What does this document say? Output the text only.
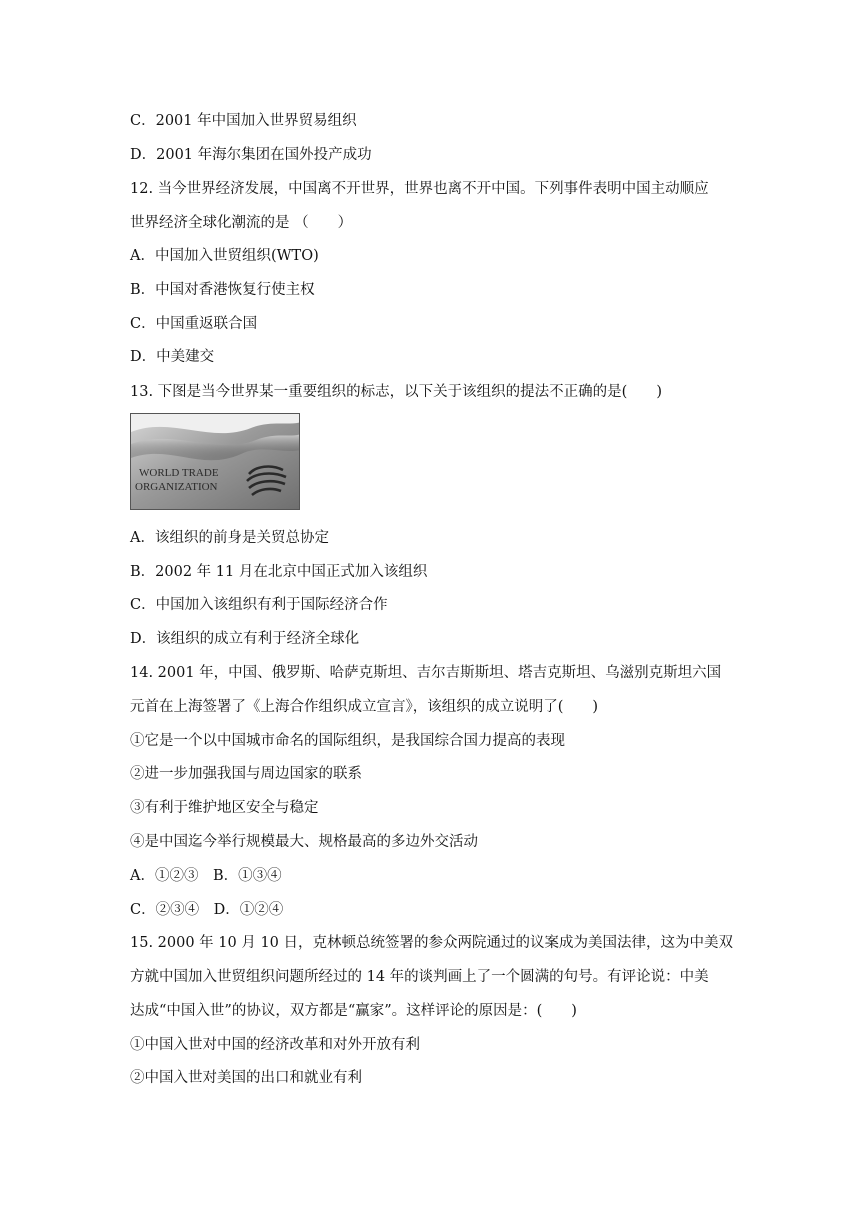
C．2001 年中国加入世界贸易组织
D．2001 年海尔集团在国外投产成功
12. 当今世界经济发展，中国离不开世界，世界也离不开中国。下列事件表明中国主动顺应
世界经济全球化潮流的是 （　　）
A．中国加入世贸组织(WTO)
B．中国对香港恢复行使主权
C．中国重返联合国
D．中美建交
13. 下图是当今世界某一重要组织的标志，以下关于该组织的提法不正确的是(　　)
WORLD TRADE
ORGANIZATION
A．该组织的前身是关贸总协定
B．2002 年 11 月在北京中国正式加入该组织
C．中国加入该组织有利于国际经济合作
D．该组织的成立有利于经济全球化
14. 2001 年，中国、俄罗斯、哈萨克斯坦、吉尔吉斯斯坦、塔吉克斯坦、乌滋别克斯坦六国
元首在上海签署了《上海合作组织成立宣言》，该组织的成立说明了(　　)
①它是一个以中国城市命名的国际组织，是我国综合国力提高的表现
②进一步加强我国与周边国家的联系
③有利于维护地区安全与稳定
④是中国迄今举行规模最大、规格最高的多边外交活动
A．①②③　B．①③④
C．②③④　D．①②④
15. 2000 年 10 月 10 日，克林顿总统签署的参众两院通过的议案成为美国法律，这为中美双
方就中国加入世贸组织问题所经过的 14 年的谈判画上了一个圆满的句号。有评论说：中美
达成“中国入世”的协议，双方都是“赢家”。这样评论的原因是：(　　)
①中国入世对中国的经济改革和对外开放有利
②中国入世对美国的出口和就业有利
